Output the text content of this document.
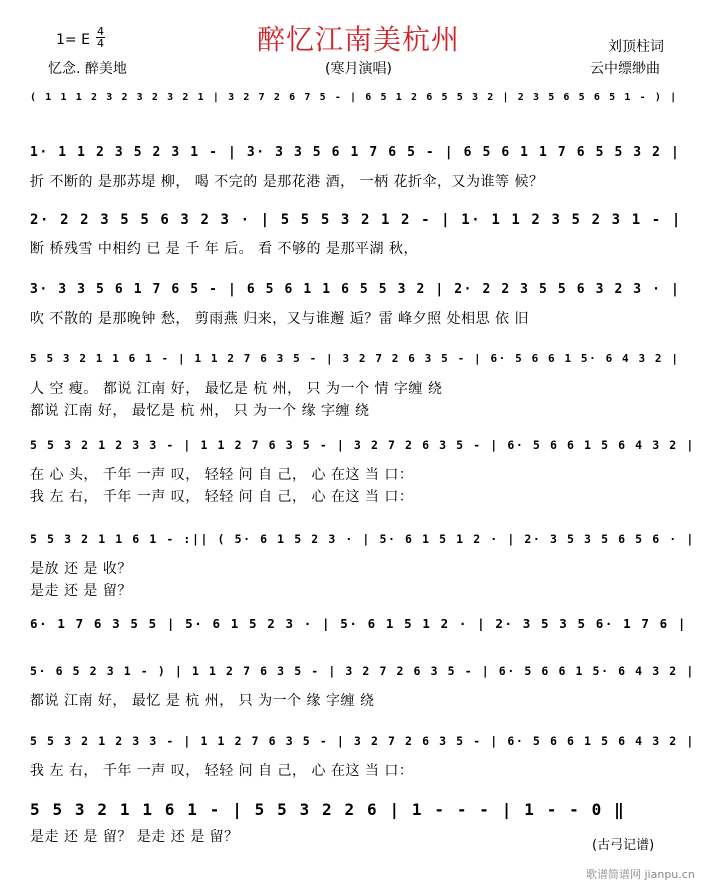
醉忆江南美杭州
1= E $\frac{4}{4}$
忆念. 醉美地	(寒月演唱)
刘顶柱词
云中缥缈曲
( 1 1 1 2 3 2 3 2 3 2 1 | 3 2 7 2 6 7 5 - | 6 5 1 2 6 5 5 3 2 | 2 3 5 6 5 6 5 1 - ) |
1· 1 1 2 3 5 2 3 1 - | 3· 3 3 5 6 1 7 6 5 - | 6 5 6 1 1 7 6 5 5 3 2 |
折 不断的 是那苏堤 柳， 喝 不完的 是那花港 酒， 一柄 花折伞，又为谁等 候？
2· 2 2 3 5 5 6 3 2 3 · | 5 5 5 3 2 1 2 - | 1· 1 1 2 3 5 2 3 1 - |
断 桥残雪 中相约 已 是 千 年 后。 看 不够的 是那平湖 秋，
3· 3 3 5 6 1 7 6 5 - | 6 5 6 1 1 6 5 5 3 2 | 2· 2 2 3 5 5 6 3 2 3 · |
吹 不散的 是那晚钟 愁， 剪雨燕 归来，又与谁邂 逅？雷 峰夕照 处相思 依 旧
5 5 3 2 1 1 6 1 - | 1 1 2 7 6 3 5 - | 3 2 7 2 6 3 5 - | 6· 5 6 6 1 5· 6 4 3 2 |
人 空 瘦。 都说 江南 好， 最忆是 杭 州， 只 为一个 情 字缠 绕
都说 江南 好， 最忆是 杭 州， 只 为一个 缘 字缠 绕
5 5 3 2 1 2 3 3 - | 1 1 2 7 6 3 5 - | 3 2 7 2 6 3 5 - | 6· 5 6 6 1 5 6 4 3 2 |
在 心 头， 千年 一声 叹， 轻轻 问 自 己， 心 在这 当 口：
我 左 右， 千年 一声 叹， 轻轻 问 自 己， 心 在这 当 口：
5 5 3 2 1 1 6 1 - :|| ( 5· 6 1 5 2 3 · | 5· 6 1 5 1 2 · | 2· 3 5 3 5 6 5 6 · |
是放 还 是 收？
是走 还 是 留？
6· 1 7 6 3 5 5 | 5· 6 1 5 2 3 · | 5· 6 1 5 1 2 · | 2· 3 5 3 5 6· 1 7 6 |
5· 6 5 2 3 1 - ) | 1 1 2 7 6 3 5 - | 3 2 7 2 6 3 5 - | 6· 5 6 6 1 5· 6 4 3 2 |
都说 江南 好， 最忆 是 杭 州， 只 为一个 缘 字缠 绕
5 5 3 2 1 2 3 3 - | 1 1 2 7 6 3 5 - | 3 2 7 2 6 3 5 - | 6· 5 6 6 1 5 6 4 3 2 |
我 左 右， 千年 一声 叹， 轻轻 问 自 己， 心 在这 当 口：
5 5 3 2 1 1 6 1 - | 5 5 3 2 2 6 | 1 - - - | 1 - - 0 ‖
是走 还 是 留？ 是走 还 是 留？
(古弓记谱)
歌谱简谱网 jianpu.cn
